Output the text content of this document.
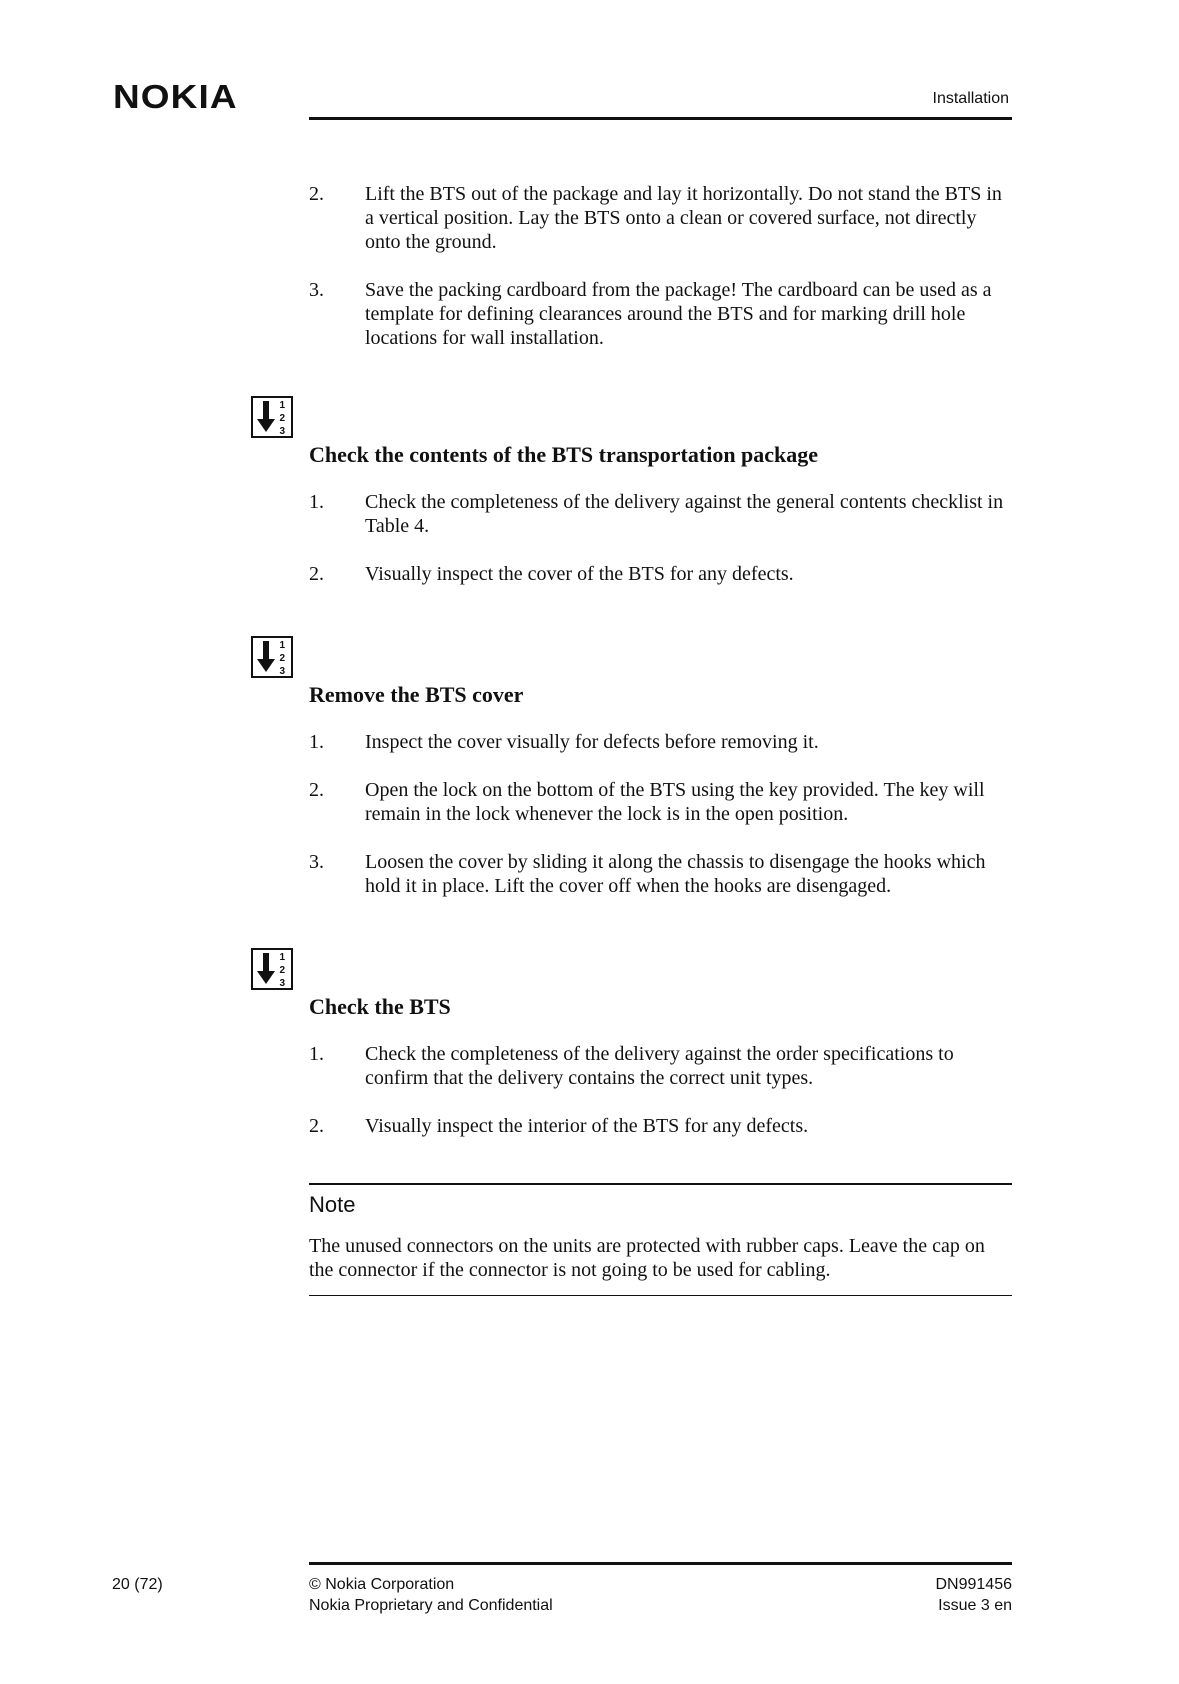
NOKIA	Installation
2.	Lift the BTS out of the package and lay it horizontally. Do not stand the BTS in a vertical position. Lay the BTS onto a clean or covered surface, not directly onto the ground.
3.	Save the packing cardboard from the package! The cardboard can be used as a template for defining clearances around the BTS and for marking drill hole locations for wall installation.
1
2
3
Check the contents of the BTS transportation package
1.	Check the completeness of the delivery against the general contents checklist in Table 4.
2.	Visually inspect the cover of the BTS for any defects.
1
2
3
Remove the BTS cover
1.	Inspect the cover visually for defects before removing it.
2.	Open the lock on the bottom of the BTS using the key provided. The key will remain in the lock whenever the lock is in the open position.
3.	Loosen the cover by sliding it along the chassis to disengage the hooks which hold it in place. Lift the cover off when the hooks are disengaged.
1
2
3
Check the BTS
1.	Check the completeness of the delivery against the order specifications to confirm that the delivery contains the correct unit types.
2.	Visually inspect the interior of the BTS for any defects.
Note
The unused connectors on the units are protected with rubber caps. Leave the cap on the connector if the connector is not going to be used for cabling.
20 (72)	© Nokia Corporation
Nokia Proprietary and Confidential
DN991456
Issue 3 en
